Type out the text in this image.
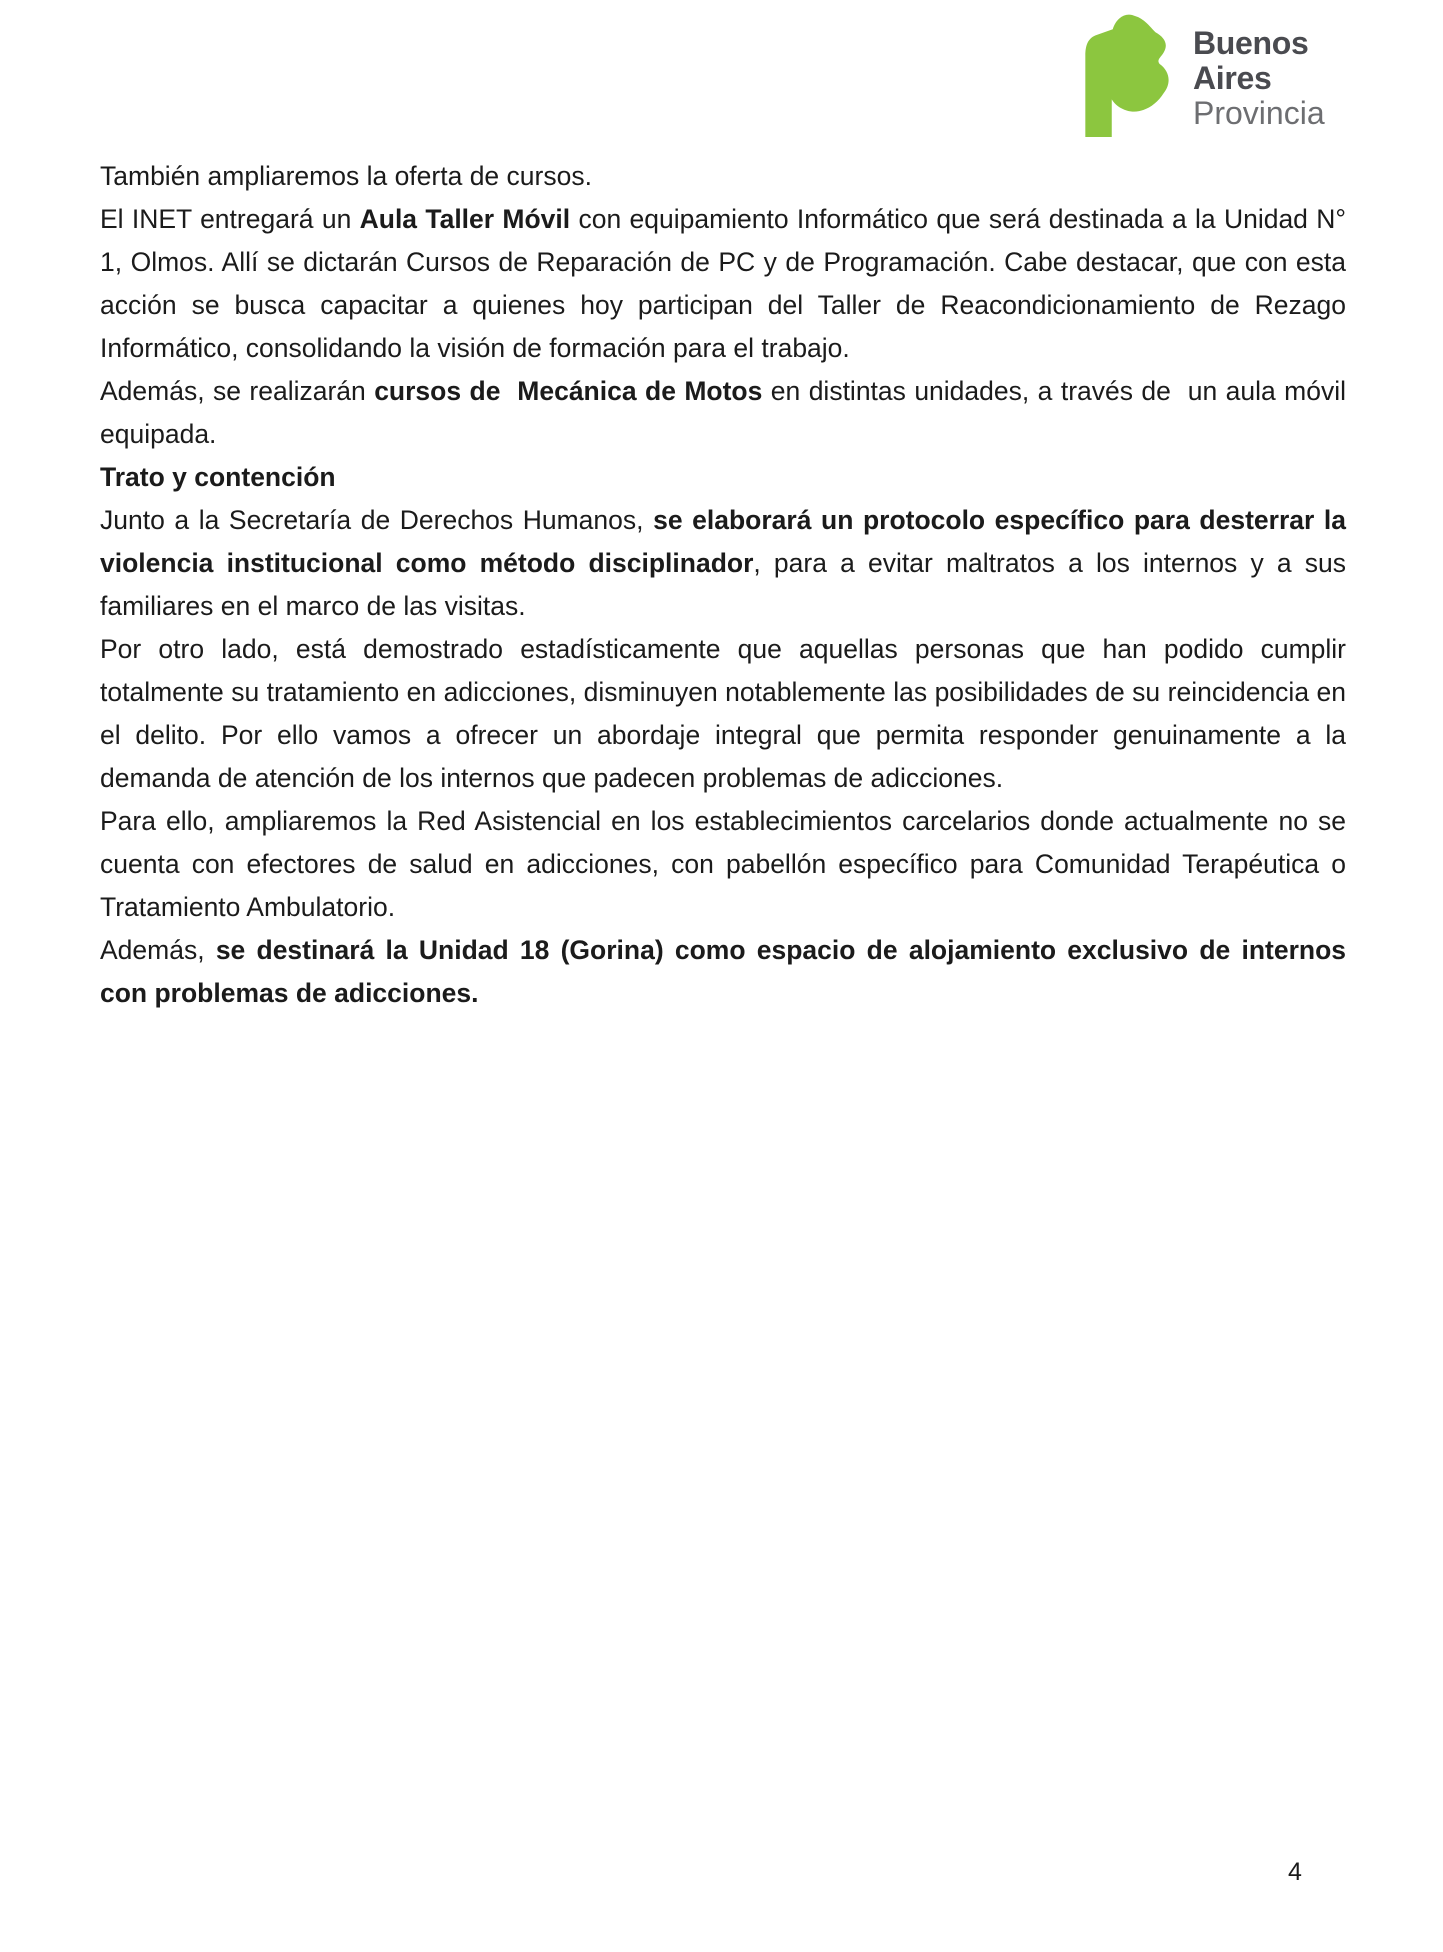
Buenos
Aires
Provincia

También ampliaremos la oferta de cursos.

El INET entregará un Aula Taller Móvil con equipamiento Informático que será destinada a la Unidad N° 1, Olmos. Allí se dictarán Cursos de Reparación de PC y de Programación. Cabe destacar, que con esta acción se busca capacitar a quienes hoy participan del Taller de Reacondicionamiento de Rezago Informático, consolidando la visión de formación para el trabajo.

Además, se realizarán cursos de  Mecánica de Motos en distintas unidades, a través de  un aula móvil equipada.

Trato y contención

Junto a la Secretaría de Derechos Humanos, se elaborará un protocolo específico para desterrar la violencia institucional como método disciplinador, para a evitar maltratos a los internos y a sus familiares en el marco de las visitas.

Por otro lado, está demostrado estadísticamente que aquellas personas que han podido cumplir totalmente su tratamiento en adicciones, disminuyen notablemente las posibilidades de su reincidencia en el delito. Por ello vamos a ofrecer un abordaje integral que permita responder genuinamente a la demanda de atención de los internos que padecen problemas de adicciones.

Para ello, ampliaremos la Red Asistencial en los establecimientos carcelarios donde actualmente no se cuenta con efectores de salud en adicciones, con pabellón específico para Comunidad Terapéutica o Tratamiento Ambulatorio.

Además, se destinará la Unidad 18 (Gorina) como espacio de alojamiento exclusivo de internos con problemas de adicciones.

4
